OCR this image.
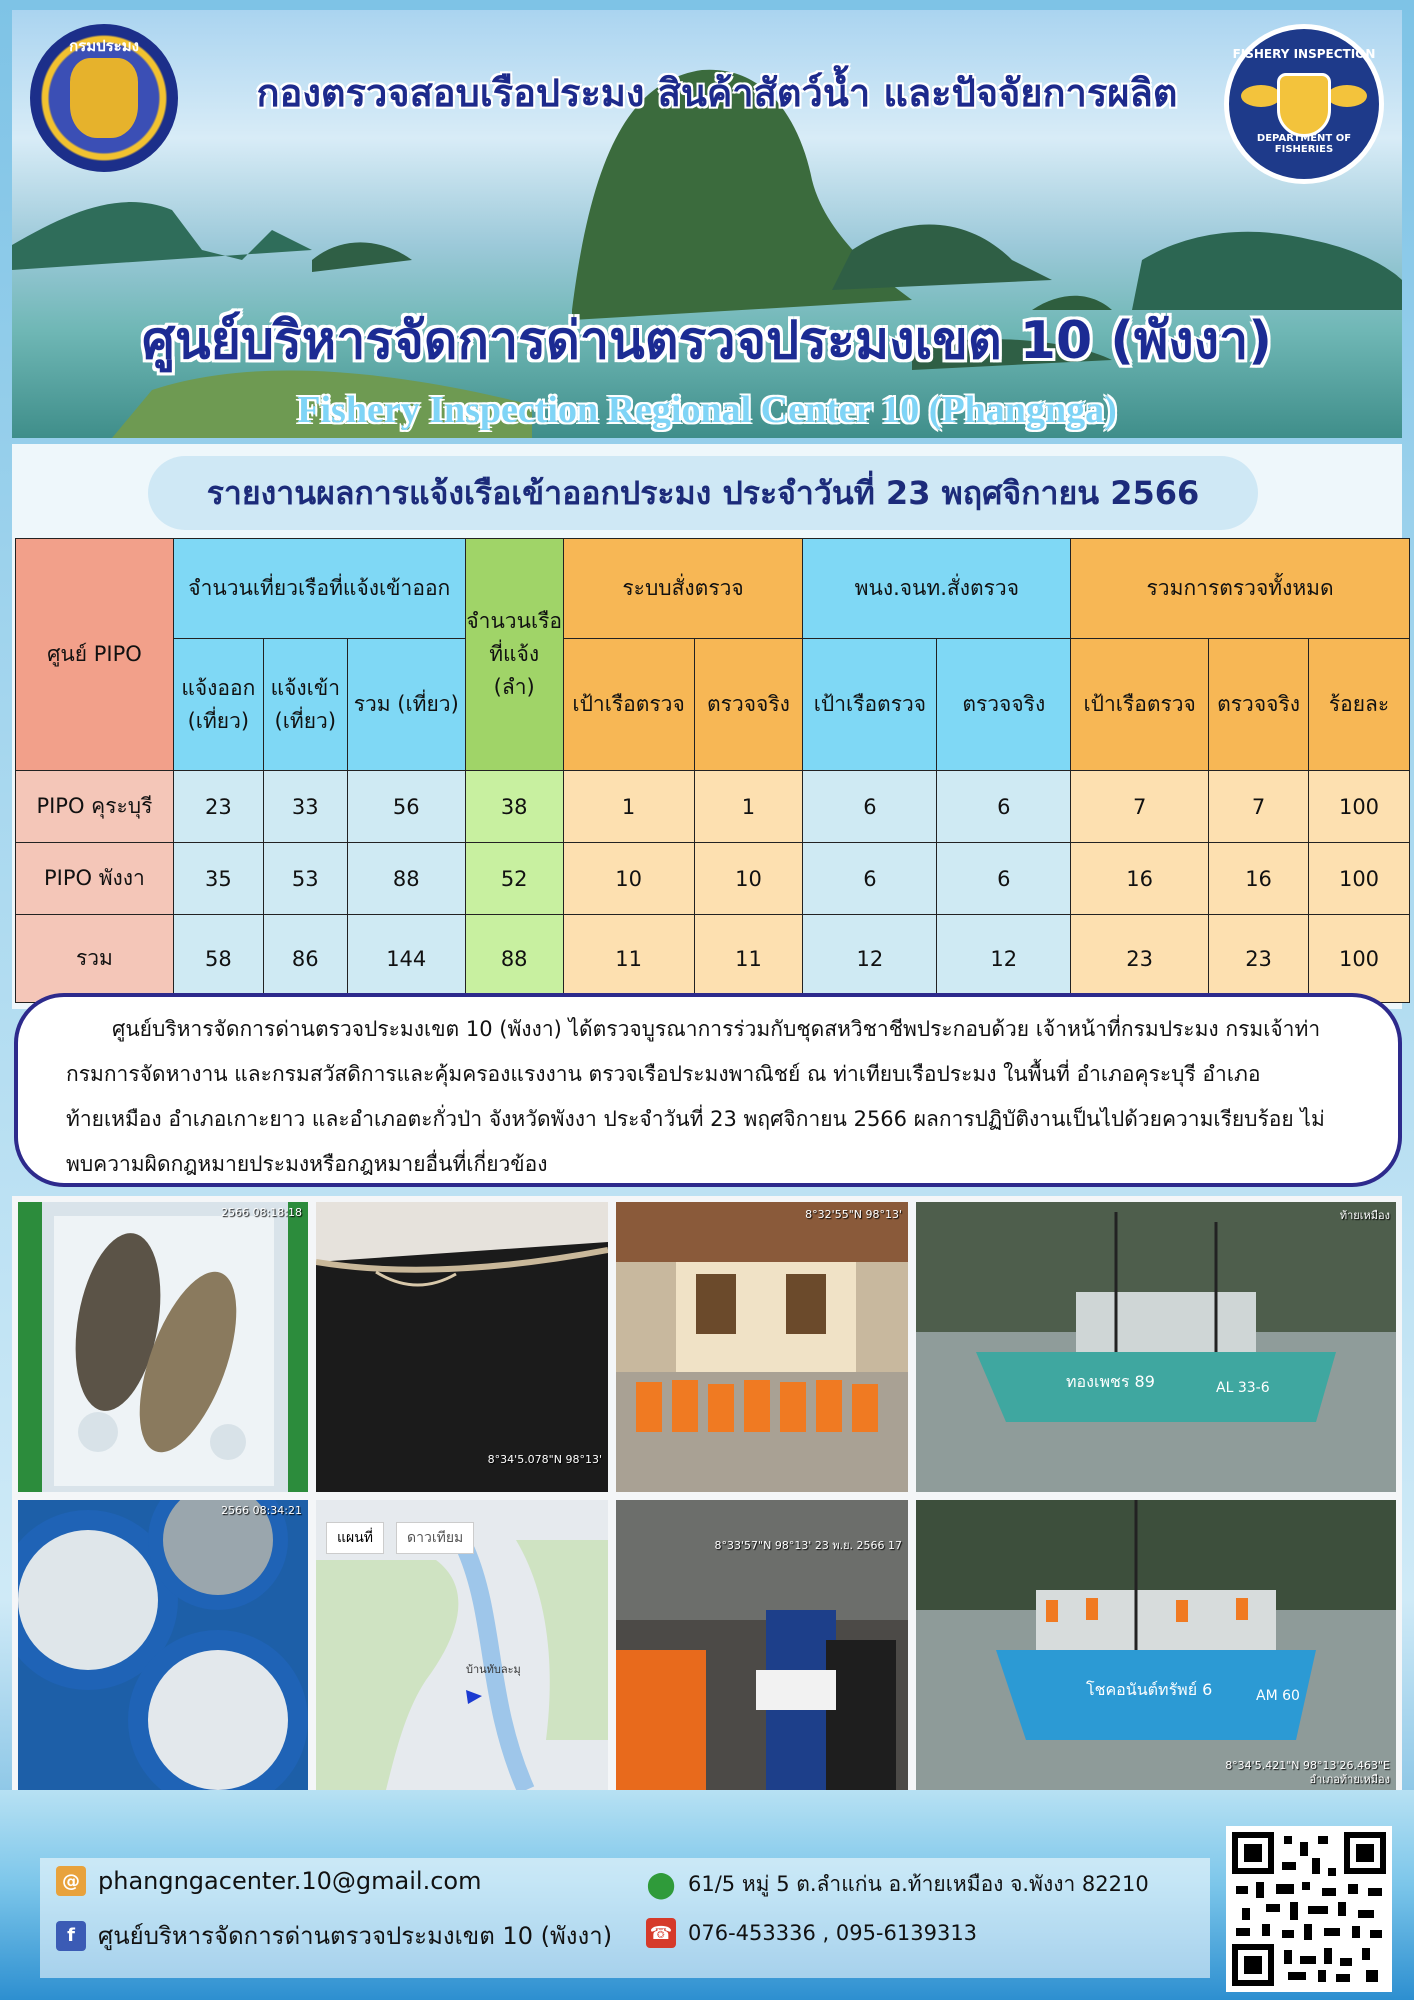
กรมประมง	FISHERY INSPECTION
DEPARTMENT OF FISHERIES
กองตรวจสอบเรือประมง สินค้าสัตว์น้ำ และปัจจัยการผลิต
ศูนย์บริหารจัดการด่านตรวจประมงเขต 10 (พังงา)
Fishery Inspection Regional Center 10 (Phangnga)
รายงานผลการแจ้งเรือเข้าออกประมง ประจำวันที่ 23 พฤศจิกายน 2566
ศูนย์ PIPO	จำนวนเที่ยวเรือที่แจ้งเข้าออก			จำนวนเรือที่แจ้ง (ลำ)	ระบบสั่งตรวจ		พนง.จนท.สั่งตรวจ		รวมการตรวจทั้งหมด		
	แจ้งออก (เที่ยว)	แจ้งเข้า (เที่ยว)	รวม (เที่ยว)		เป้าเรือตรวจ	ตรวจจริง	เป้าเรือตรวจ	ตรวจจริง	เป้าเรือตรวจ	ตรวจจริง	ร้อยละ
PIPO คุระบุรี	23	33	56	38	1	1	6	6	7	7	100
PIPO พังงา	35	53	88	52	10	10	6	6	16	16	100
รวม	58	86	144	88	11	11	12	12	23	23	100

ศูนย์บริหารจัดการด่านตรวจประมงเขต 10 (พังงา) ได้ตรวจบูรณาการร่วมกับชุดสหวิชาชีพประกอบด้วย เจ้าหน้าที่กรมประมง กรมเจ้าท่า กรมการจัดหางาน และกรมสวัสดิการและคุ้มครองแรงงาน ตรวจเรือประมงพาณิชย์ ณ ท่าเทียบเรือประมง ในพื้นที่ อำเภอคุระบุรี อำเภอท้ายเหมือง อำเภอเกาะยาว และอำเภอตะกั่วป่า จังหวัดพังงา ประจำวันที่ 23 พฤศจิกายน 2566 ผลการปฏิบัติงานเป็นไปด้วยความเรียบร้อย ไม่พบความผิดกฎหมายประมงหรือกฎหมายอื่นที่เกี่ยวข้อง

2566 08:18:18
8°34'5.078"N 98°13'
8°32'55"N 98°13'
ทองเพชร 89	AL 33-6
ท้ายเหมือง
2566 08:34:21
แผนที่	ดาวเทียม
บ้านทับละมุ
8°33'57"N 98°13' 23 พ.ย. 2566 17
โชคอนันต์ทรัพย์ 6	AM 60
8°34'5.421"N 98°13'26.463"E
อำเภอท้ายเหมือง
@ phangngacenter.10@gmail.com
f ศูนย์บริหารจัดการด่านตรวจประมงเขต 10 (พังงา)
⬤ 61/5 หมู่ 5 ต.ลำแก่น อ.ท้ายเหมือง จ.พังงา 82210
☎ 076-453336 , 095-6139313
